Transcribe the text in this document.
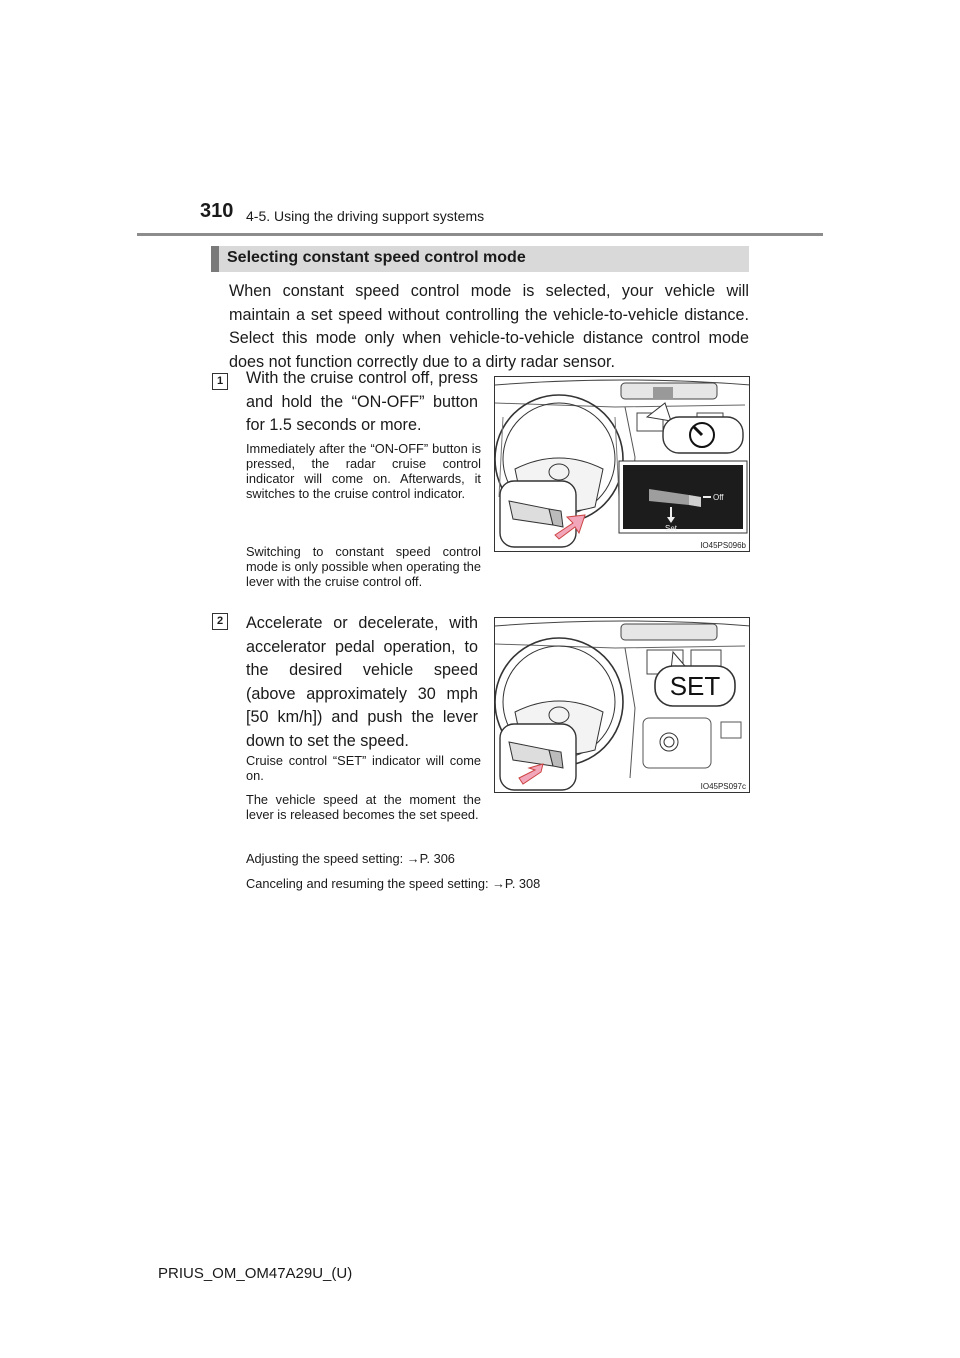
310 4-5. Using the driving support systems
Selecting constant speed control mode

When constant speed control mode is selected, your vehicle will maintain a set speed without controlling the vehicle-to-vehicle distance. Select this mode only when vehicle-to-vehicle distance control mode does not function correctly due to a dirty radar sensor.

1	With the cruise control off, press and hold the “ON-OFF” button for 1.5 seconds or more.

Immediately after the “ON-OFF” button is pressed, the radar cruise control indicator will come on. Afterwards, it switches to the cruise control indicator.

Switching to constant speed control mode is only possible when operating the lever with the cruise control off.

Off
Set
IO45PS096b
2	Accelerate or decelerate, with accelerator pedal operation, to the desired vehicle speed (above approximately 30 mph [50 km/h]) and push the lever down to set the speed.

Cruise control “SET” indicator will come on.

The vehicle speed at the moment the lever is released becomes the set speed.

SET
IO45PS097c

Adjusting the speed setting: →P. 306

Canceling and resuming the speed setting: →P. 308

PRIUS_OM_OM47A29U_(U)
